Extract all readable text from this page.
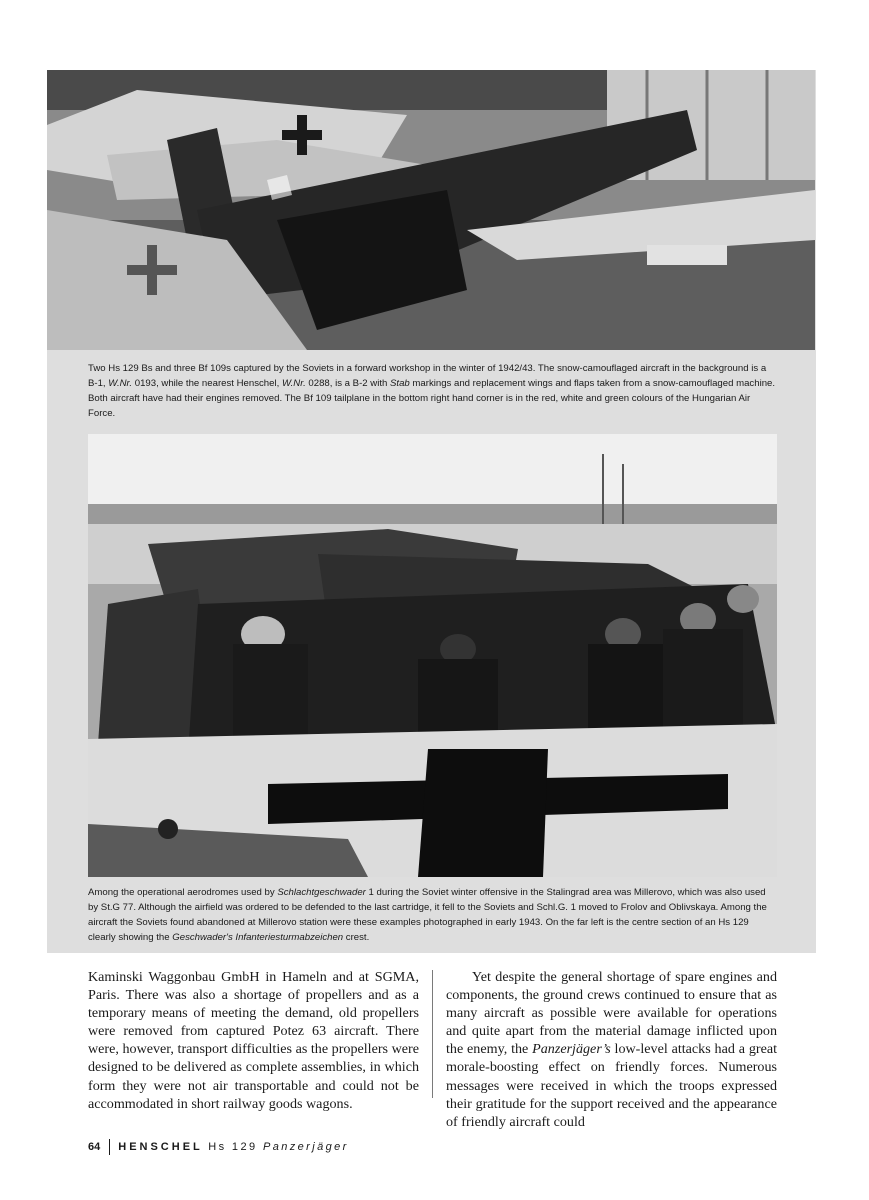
Two Hs 129 Bs and three Bf 109s captured by the Soviets in a forward workshop in the winter of 1942/43. The snow-camouflaged aircraft in the background is a B-1, W.Nr. 0193, while the nearest Henschel, W.Nr. 0288, is a B-2 with Stab markings and replacement wings and flaps taken from a snow-camouflaged machine. Both aircraft have had their engines removed. The Bf 109 tailplane in the bottom right hand corner is in the red, white and green colours of the Hungarian Air Force.

Among the operational aerodromes used by Schlachtgeschwader 1 during the Soviet winter offensive in the Stalingrad area was Millerovo, which was also used by St.G 77. Although the airfield was ordered to be defended to the last cartridge, it fell to the Soviets and Schl.G. 1 moved to Frolov and Oblivskaya. Among the aircraft the Soviets found abandoned at Millerovo station were these examples photographed in early 1943. On the far left is the centre section of an Hs 129 clearly showing the Geschwader's Infanteriesturmabzeichen crest.

Kaminski Waggonbau GmbH in Hameln and at SGMA, Paris. There was also a shortage of propellers and as a temporary means of meeting the demand, old propellers were removed from captured Potez 63 aircraft. There were, however, transport difficulties as the propellers were designed to be delivered as complete assemblies, in which form they were not air transportable and could not be accommodated in short railway goods wagons.

Yet despite the general shortage of spare engines and components, the ground crews continued to ensure that as many aircraft as possible were available for operations and quite apart from the material damage inflicted upon the enemy, the Panzerjäger’s low-level attacks had a great morale-boosting effect on friendly forces. Numerous messages were received in which the troops expressed their gratitude for the support received and the appearance of friendly aircraft could

64 HENSCHEL Hs 129 Panzerjäger
